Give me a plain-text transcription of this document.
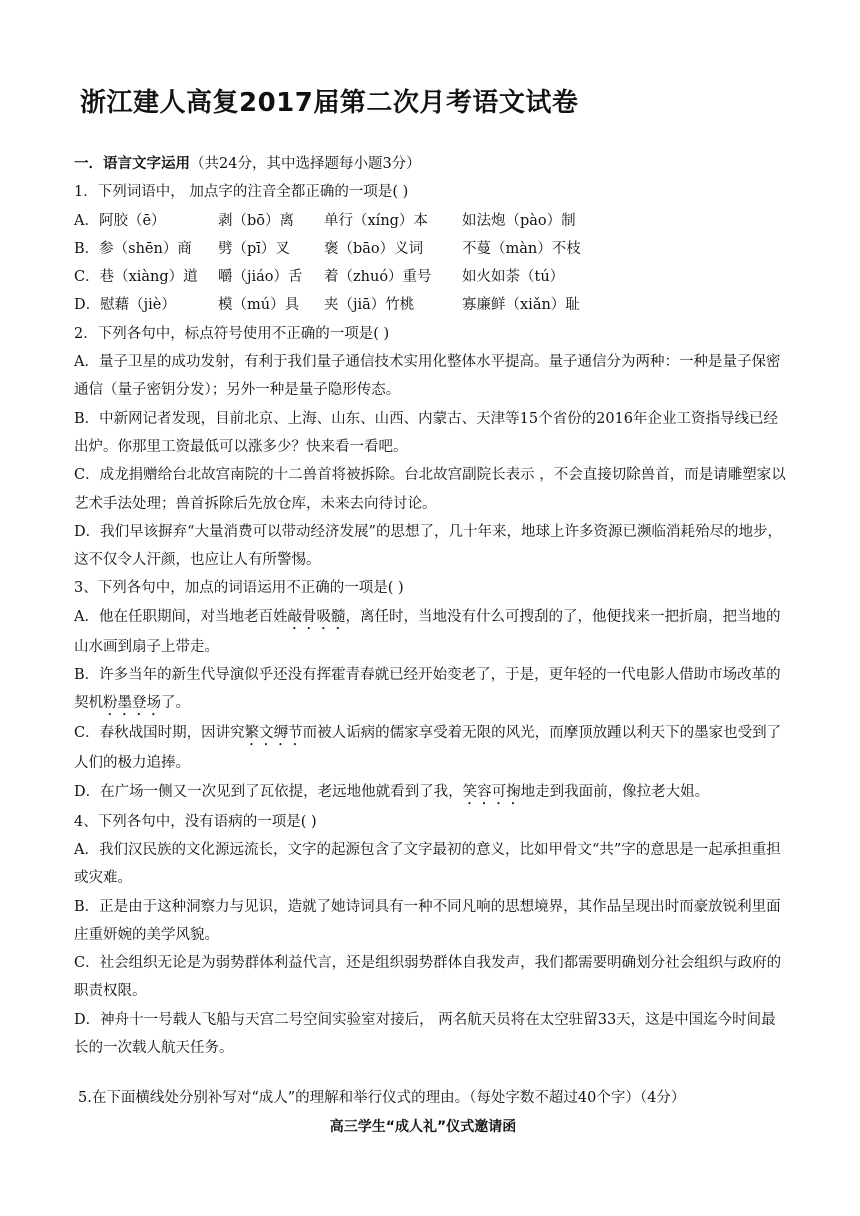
浙江建人高复2017届第二次月考语文试卷
一．语言文字运用（共24分，其中选择题每小题3分）
1．下列词语中， 加点字的注音全都正确的一项是( )
A．阿胶（ē）	剥（bō）离	单行（xíng）本	如法炮（pào）制
B．参（shēn）商	劈（pī）叉	褒（bāo）义词	不蔓（màn）不枝
C．巷（xiàng）道	嚼（jiáo）舌	着（zhuó）重号	如火如荼（tú）
D．慰藉（jiè）	模（mú）具	夹（jiā）竹桃	寡廉鲜（xiǎn）耻
2．下列各句中，标点符号使用不正确的一项是( )
A．量子卫星的成功发射，有利于我们量子通信技术实用化整体水平提高。量子通信分为两种：一种是量子保密通信（量子密钥分发）；另外一种是量子隐形传态。
B．中新网记者发现，目前北京、上海、山东、山西、内蒙古、天津等15个省份的2016年企业工资指导线已经出炉。你那里工资最低可以涨多少？快来看一看吧。
C．成龙捐赠给台北故宫南院的十二兽首将被拆除。台北故宫副院长表示 ，不会直接切除兽首，而是请雕塑家以艺术手法处理；兽首拆除后先放仓库，未来去向待讨论。
D．我们早该摒弃“大量消费可以带动经济发展”的思想了，几十年来，地球上许多资源已濒临消耗殆尽的地步，这不仅令人汗颜，也应让人有所警惕。
3、下列各句中，加点的词语运用不正确的一项是( )
A．他在任职期间，对当地老百姓敲骨吸髓，离任时，当地没有什么可搜刮的了，他便找来一把折扇，把当地的山水画到扇子上带走。
B．许多当年的新生代导演似乎还没有挥霍青春就已经开始变老了，于是，更年轻的一代电影人借助市场改革的契机粉墨登场了。
C．春秋战国时期，因讲究繁文缛节而被人诟病的儒家享受着无限的风光，而摩顶放踵以利天下的墨家也受到了人们的极力追捧。
D．在广场一侧又一次见到了瓦依提，老远地他就看到了我，笑容可掬地走到我面前，像拉老大姐。
4、下列各句中，没有语病的一项是( )
A．我们汉民族的文化源远流长，文字的起源包含了文字最初的意义，比如甲骨文“共”字的意思是一起承担重担或灾难。
B．正是由于这种洞察力与见识，造就了她诗词具有一种不同凡响的思想境界，其作品呈现出时而豪放锐利里面庄重妍婉的美学风貌。
C．社会组织无论是为弱势群体利益代言，还是组织弱势群体自我发声，我们都需要明确划分社会组织与政府的职责权限。
D．神舟十一号载人飞船与天宫二号空间实验室对接后， 两名航天员将在太空驻留33天，这是中国迄今时间最长的一次载人航天任务。
5.在下面横线处分别补写对“成人”的理解和举行仪式的理由。（每处字数不超过40个字）（4分）
高三学生“成人礼”仪式邀请函
